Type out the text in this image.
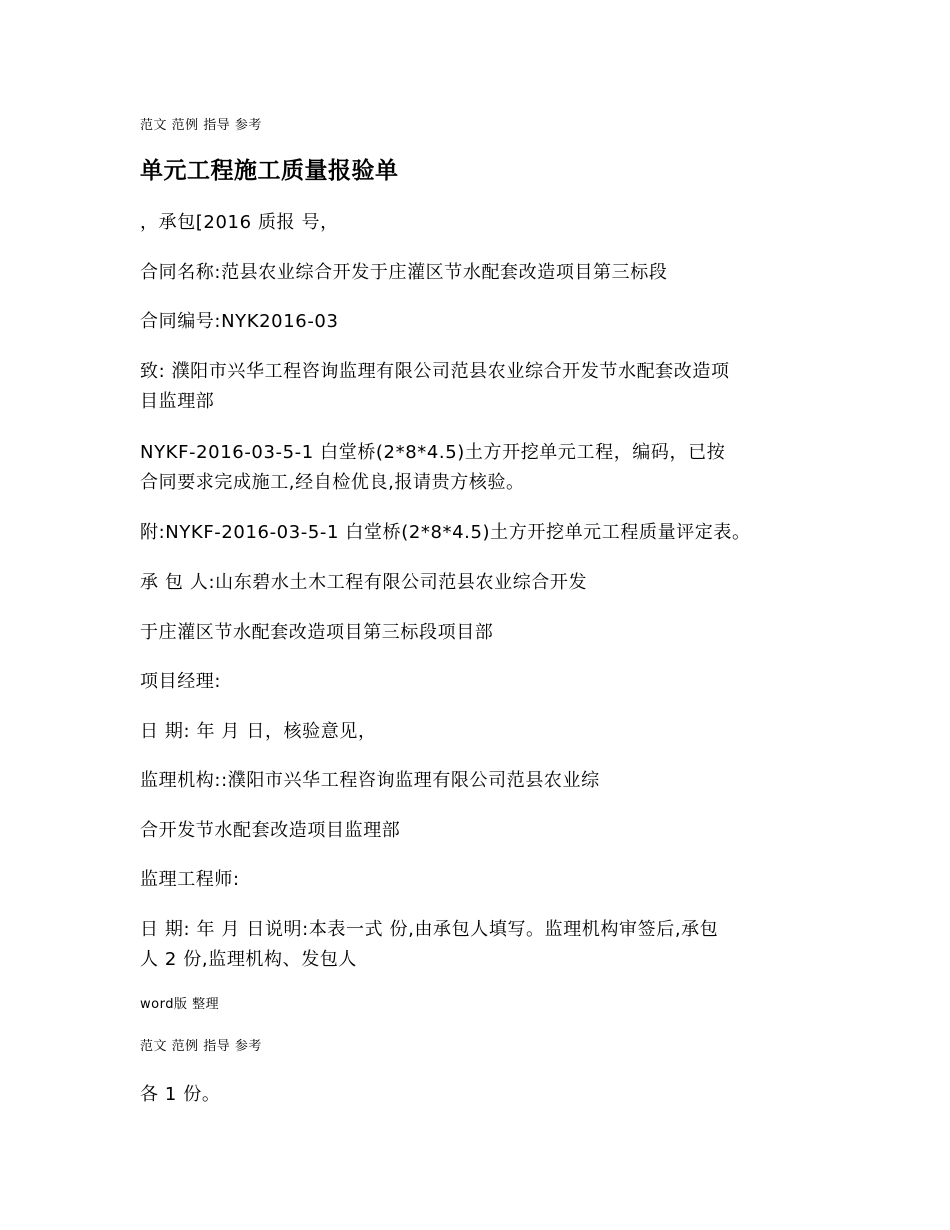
范文 范例 指导 参考

单元工程施工质量报验单

，承包[2016 质报 号，

合同名称:范县农业综合开发于庄灌区节水配套改造项目第三标段

合同编号:NYK2016-03

致: 濮阳市兴华工程咨询监理有限公司范县农业综合开发节水配套改造项
目监理部
NYKF-2016-03-5-1 白堂桥(2*8*4.5)土方开挖单元工程，编码，已按
合同要求完成施工,经自检优良,报请贵方核验。

附:NYKF-2016-03-5-1 白堂桥(2*8*4.5)土方开挖单元工程质量评定表。

承 包 人:山东碧水土木工程有限公司范县农业综合开发

于庄灌区节水配套改造项目第三标段项目部

项目经理:

日 期: 年 月 日，核验意见，

监理机构::濮阳市兴华工程咨询监理有限公司范县农业综

合开发节水配套改造项目监理部

监理工程师:

日 期: 年 月 日说明:本表一式 份,由承包人填写。监理机构审签后,承包
人 2 份,监理机构、发包人

word版 整理

范文 范例 指导 参考

各 1 份。
